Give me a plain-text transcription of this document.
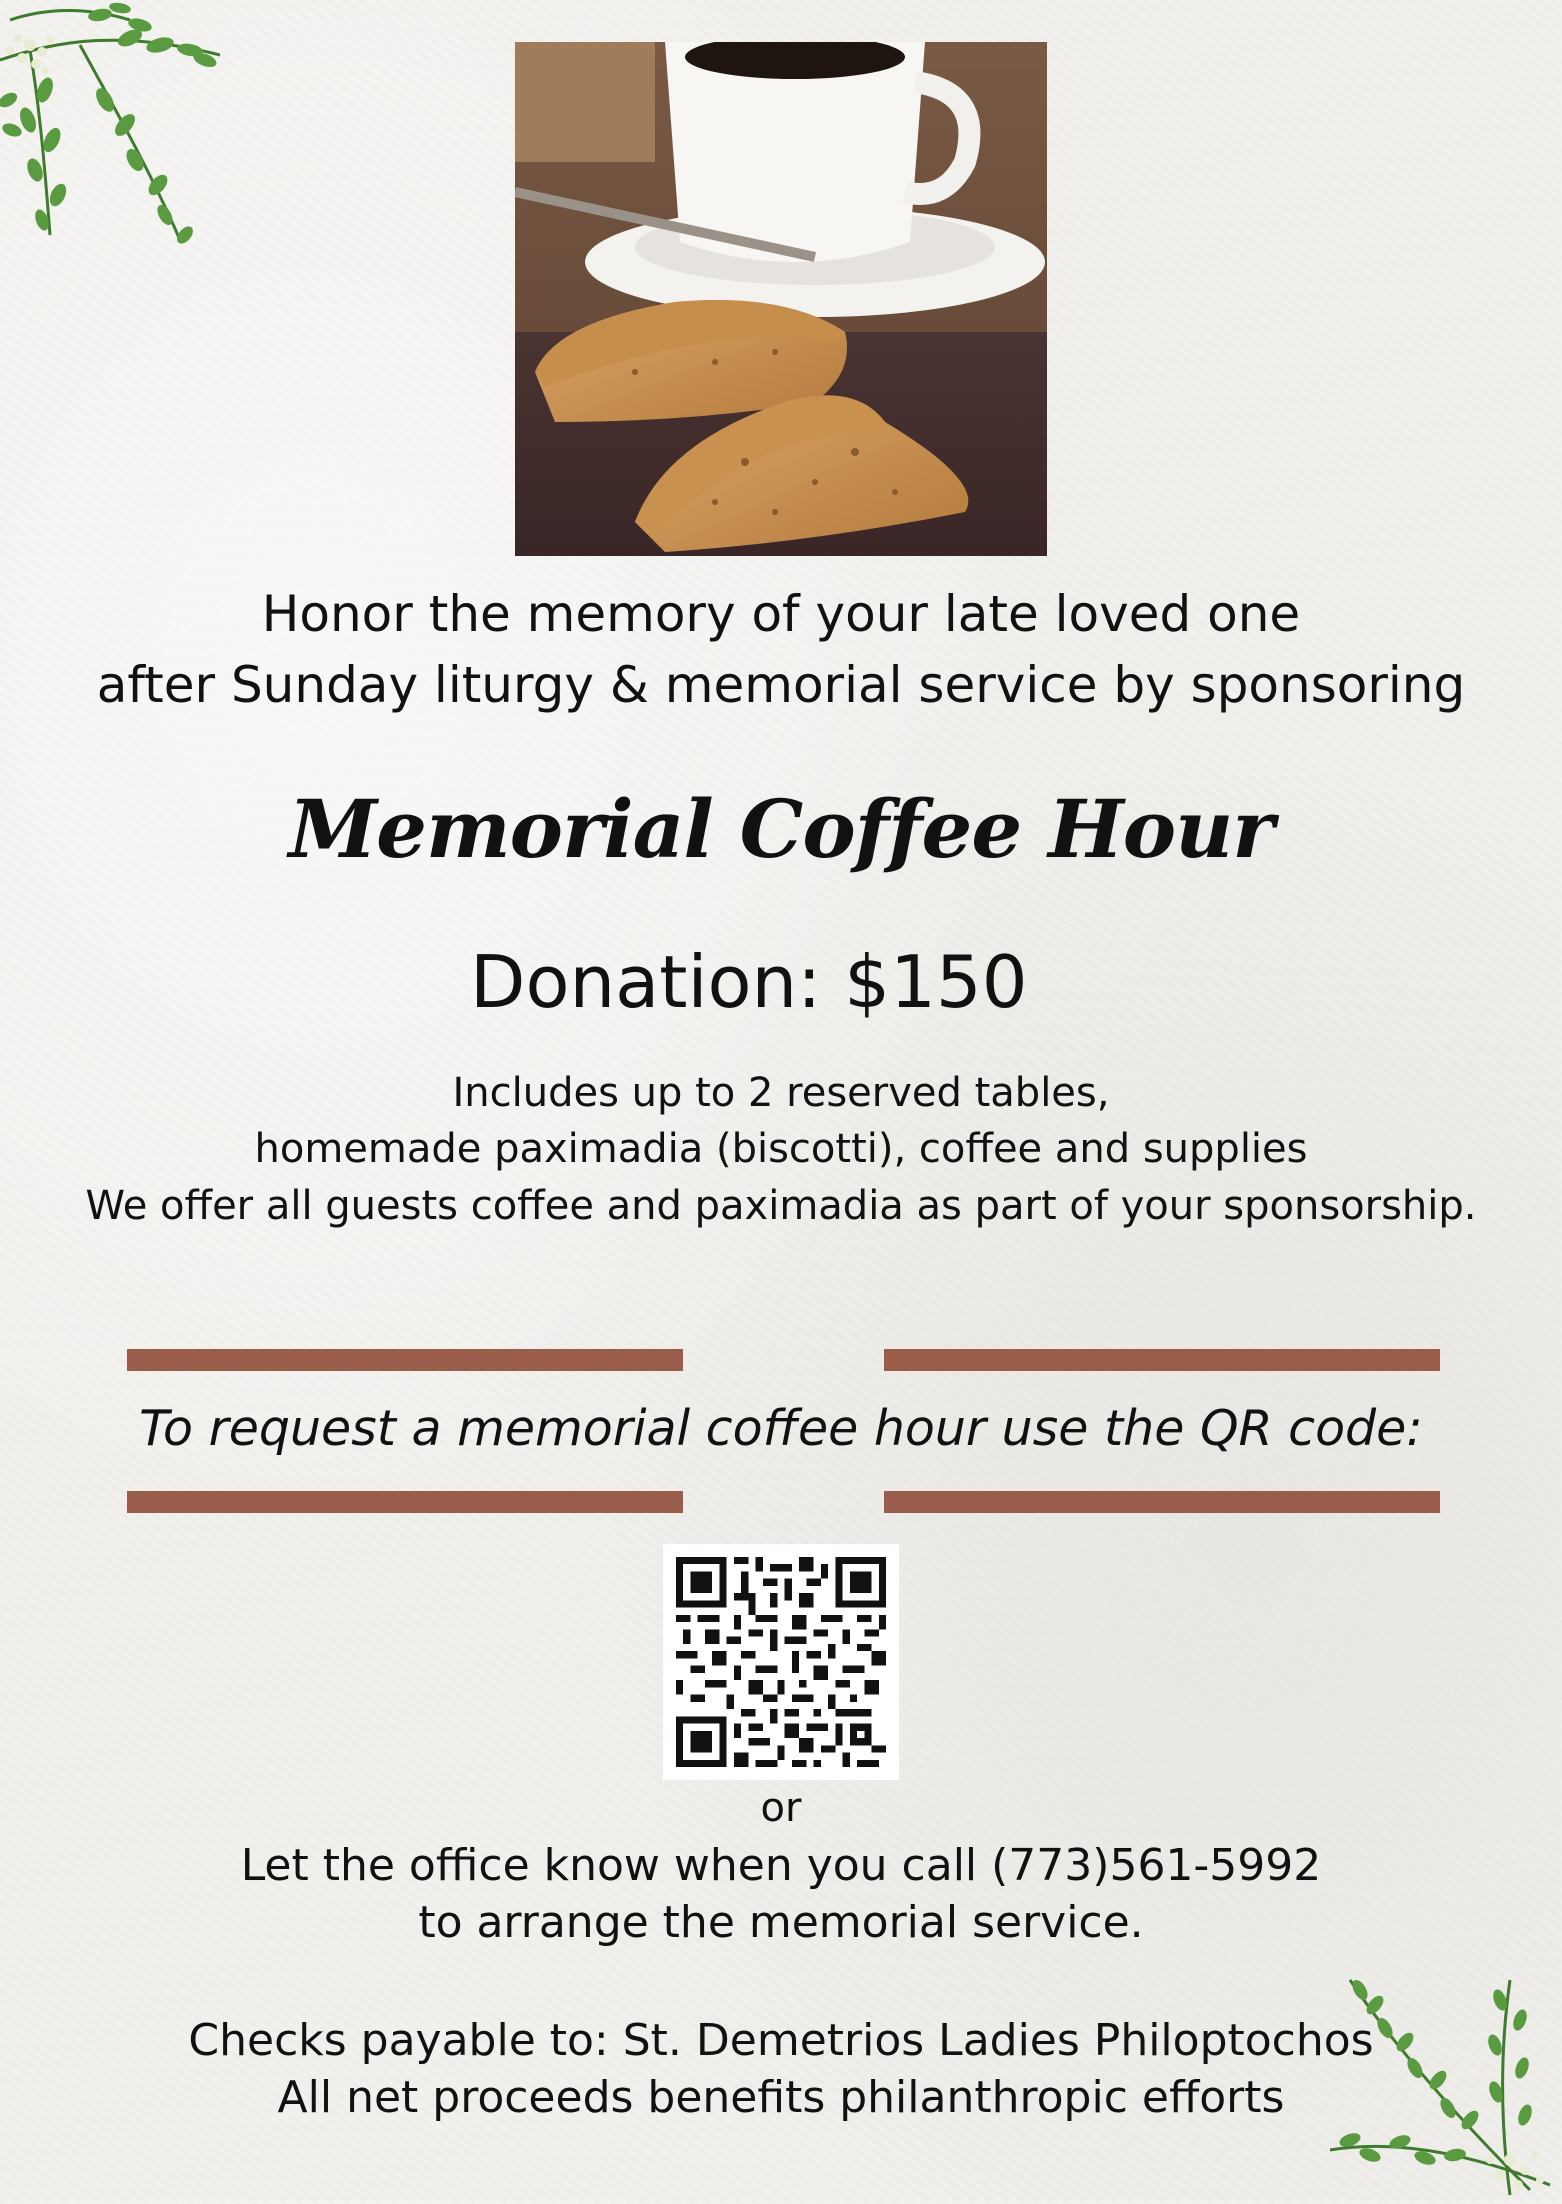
Honor the memory of your late loved one
after Sunday liturgy & memorial service by sponsoring
Memorial Coffee Hour
Donation: $150
Includes up to 2 reserved tables,
homemade paximadia (biscotti), coffee and supplies
We offer all guests coffee and paximadia as part of your sponsorship.
To request a memorial coffee hour use the QR code:
or
Let the office know when you call (773)561-5992
to arrange the memorial service.
Checks payable to: St. Demetrios Ladies Philoptochos
All net proceeds benefits philanthropic efforts
